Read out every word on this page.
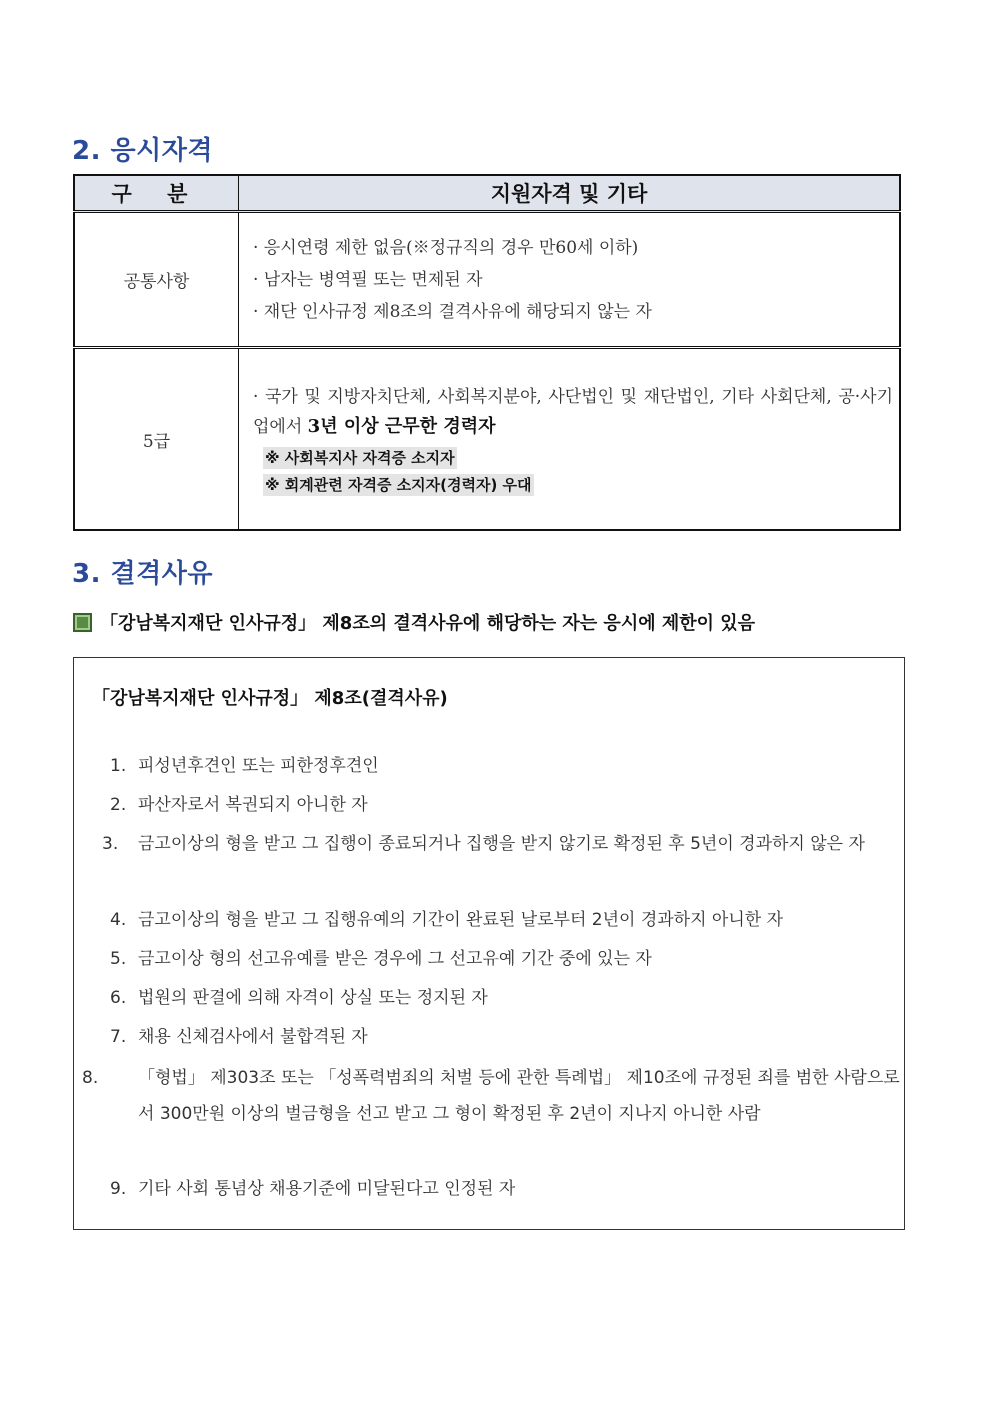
2. 응시자격
구 분	지원자격 및 기타
공통사항	· 응시연령 제한 없음(※정규직의 경우 만60세 이하)
· 남자는 병역필 또는 면제된 자
· 재단 인사규정 제8조의 결격사유에 해당되지 않는 자

5급	· 국가 및 지방자치단체, 사회복지분야, 사단법인 및 재단법인, 기타 사회단체, 공·사기업에서 3년 이상 근무한 경력자
※ 사회복지사 자격증 소지자
※ 회계관련 자격증 소지자(경력자) 우대
3. 결격사유
「강남복지재단 인사규정」 제8조의 결격사유에 해당하는 자는 응시에 제한이 있음
「강남복지재단 인사규정」 제8조(결격사유)
1. 피성년후견인 또는 피한정후견인
2. 파산자로서 복권되지 아니한 자
3. 금고이상의 형을 받고 그 집행이 종료되거나 집행을 받지 않기로 확정된 후 5년이 경과하지 않은 자
4. 금고이상의 형을 받고 그 집행유예의 기간이 완료된 날로부터 2년이 경과하지 아니한 자
5. 금고이상 형의 선고유예를 받은 경우에 그 선고유예 기간 중에 있는 자
6. 법원의 판결에 의해 자격이 상실 또는 정지된 자
7. 채용 신체검사에서 불합격된 자
8. 「형법」 제303조 또는 「성폭력범죄의 처벌 등에 관한 특례법」 제10조에 규정된 죄를 범한 사람으로서 300만원 이상의 벌금형을 선고 받고 그 형이 확정된 후 2년이 지나지 아니한 사람
9. 기타 사회 통념상 채용기준에 미달된다고 인정된 자
